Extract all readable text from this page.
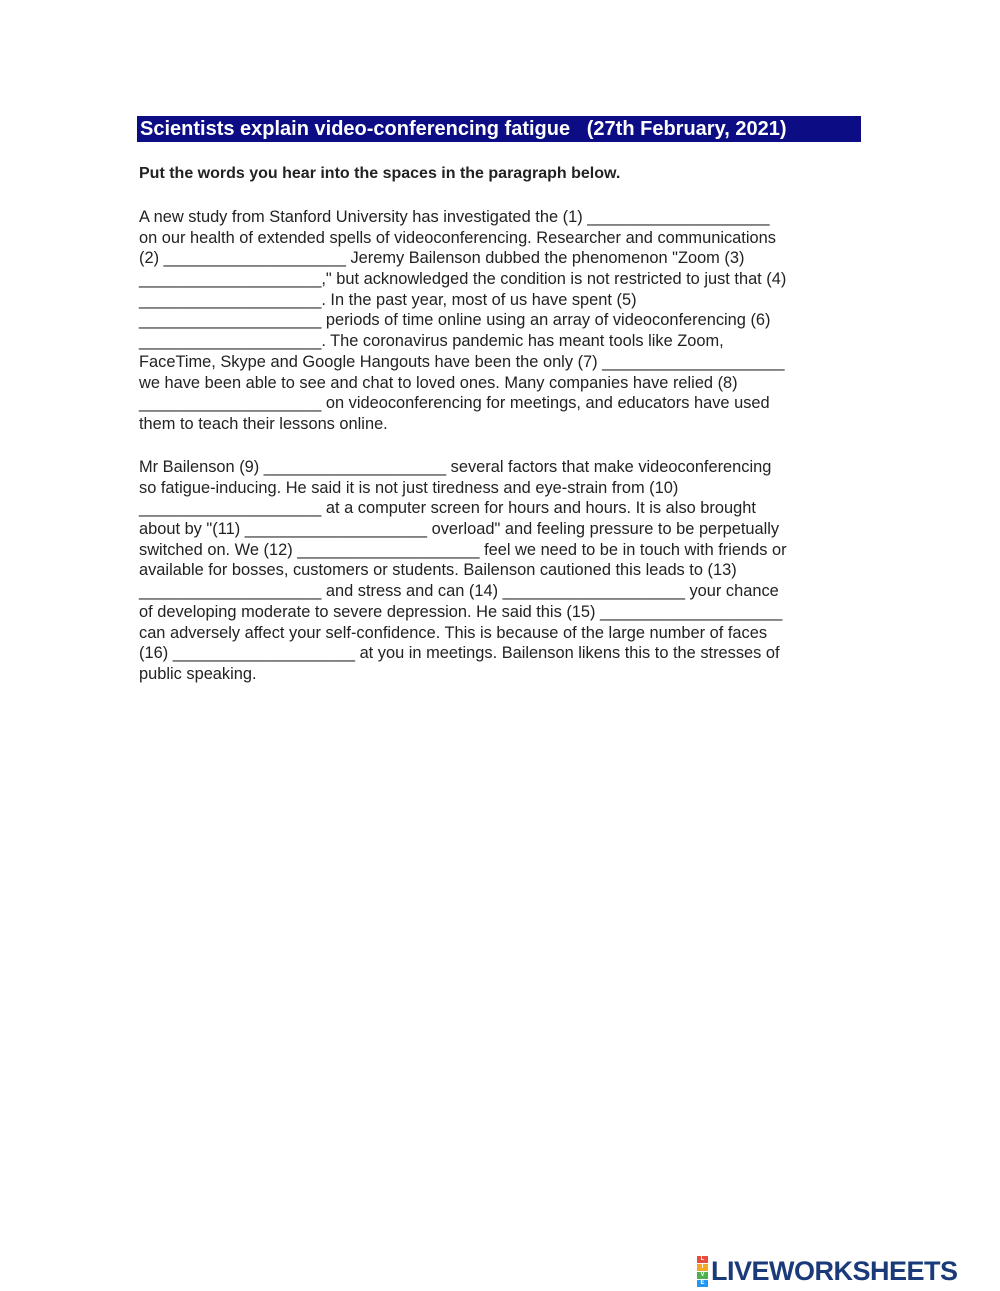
Scientists explain video-conferencing fatigue   (27th February, 2021)
Put the words you hear into the spaces in the paragraph below.
A new study from Stanford University has investigated the (1) ____________________
on our health of extended spells of videoconferencing. Researcher and communications
(2) ____________________ Jeremy Bailenson dubbed the phenomenon "Zoom (3)
____________________," but acknowledged the condition is not restricted to just that (4)
____________________. In the past year, most of us have spent (5)
____________________ periods of time online using an array of videoconferencing (6)
____________________. The coronavirus pandemic has meant tools like Zoom,
FaceTime, Skype and Google Hangouts have been the only (7) ____________________
we have been able to see and chat to loved ones. Many companies have relied (8)
____________________ on videoconferencing for meetings, and educators have used
them to teach their lessons online.
Mr Bailenson (9) ____________________ several factors that make videoconferencing
so fatigue-inducing. He said it is not just tiredness and eye-strain from (10)
____________________ at a computer screen for hours and hours. It is also brought
about by "(11) ____________________ overload" and feeling pressure to be perpetually
switched on. We (12) ____________________ feel we need to be in touch with friends or
available for bosses, customers or students. Bailenson cautioned this leads to (13)
____________________ and stress and can (14) ____________________ your chance
of developing moderate to severe depression. He said this (15) ____________________
can adversely affect your self-confidence. This is because of the large number of faces
(16) ____________________ at you in meetings. Bailenson likens this to the stresses of
public speaking.
L
I
V
E LIVEWORKSHEETS
